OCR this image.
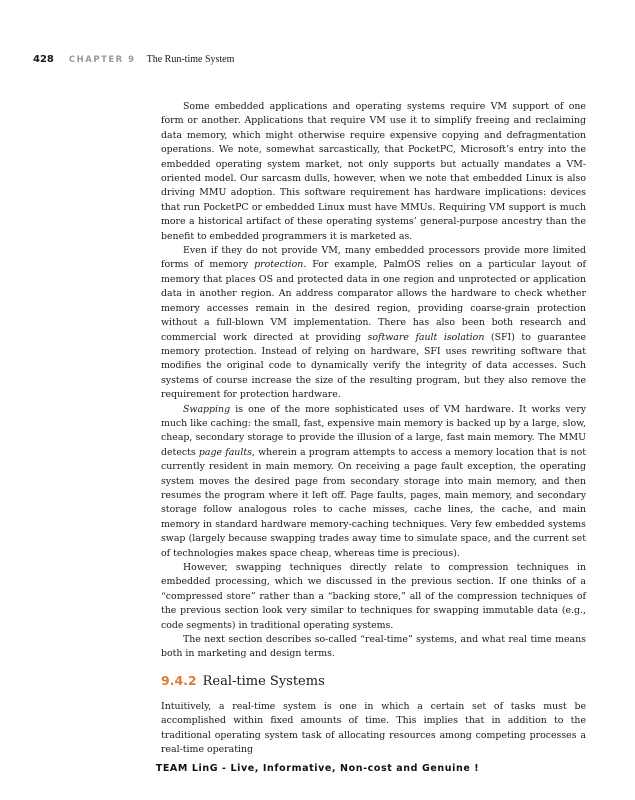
428 CHAPTER 9 The Run-time System

Some embedded applications and operating systems require VM support of one form or another. Applications that require VM use it to simplify freeing and reclaiming data memory, which might otherwise require expensive copying and defragmentation operations. We note, somewhat sarcastically, that PocketPC, Microsoft’s entry into the embedded operating system market, not only supports but actually mandates a VM-oriented model. Our sarcasm dulls, however, when we note that embedded Linux is also driving MMU adoption. This software requirement has hardware implications: devices that run PocketPC or embedded Linux must have MMUs. Requiring VM support is much more a historical artifact of these operating systems’ general-purpose ancestry than the benefit to embedded programmers it is marketed as.

Even if they do not provide VM, many embedded processors provide more limited forms of memory protection. For example, PalmOS relies on a particular layout of memory that places OS and protected data in one region and unprotected or application data in another region. An address comparator allows the hardware to check whether memory accesses remain in the desired region, providing coarse-grain protection without a full-blown VM implementation. There has also been both research and commercial work directed at providing software fault isolation (SFI) to guarantee memory protection. Instead of relying on hardware, SFI uses rewriting software that modifies the original code to dynamically verify the integrity of data accesses. Such systems of course increase the size of the resulting program, but they also remove the requirement for protection hardware.

Swapping is one of the more sophisticated uses of VM hardware. It works very much like caching: the small, fast, expensive main memory is backed up by a large, slow, cheap, secondary storage to provide the illusion of a large, fast main memory. The MMU detects page faults, wherein a program attempts to access a memory location that is not currently resident in main memory. On receiving a page fault exception, the operating system moves the desired page from secondary storage into main memory, and then resumes the program where it left off. Page faults, pages, main memory, and secondary storage follow analogous roles to cache misses, cache lines, the cache, and main memory in standard hardware memory-caching techniques. Very few embedded systems swap (largely because swapping trades away time to simulate space, and the current set of technologies makes space cheap, whereas time is precious).

However, swapping techniques directly relate to compression techniques in embedded processing, which we discussed in the previous section. If one thinks of a “compressed store” rather than a “backing store,” all of the compression techniques of the previous section look very similar to techniques for swapping immutable data (e.g., code segments) in traditional operating systems.

The next section describes so-called “real-time” systems, and what real time means both in marketing and design terms.

9.4.2 Real-time Systems

Intuitively, a real-time system is one in which a certain set of tasks must be accomplished within fixed amounts of time. This implies that in addition to the traditional operating system task of allocating resources among competing processes a real-time operating

TEAM LinG - Live, Informative, Non-cost and Genuine !
